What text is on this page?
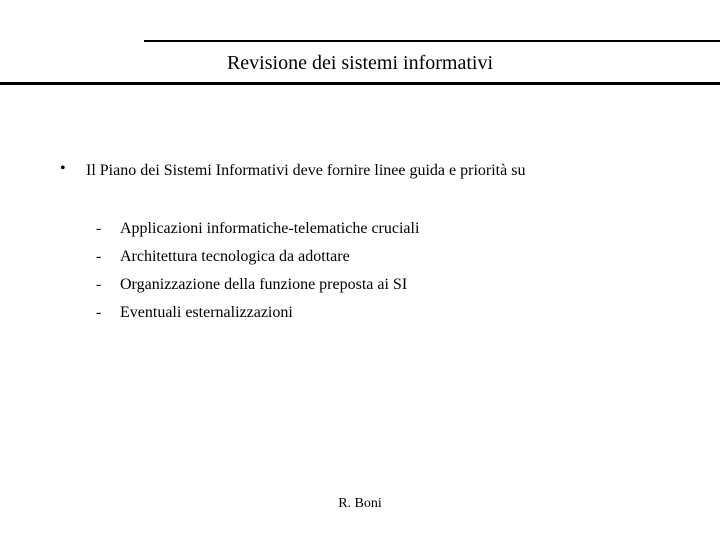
Revisione dei sistemi informativi
• Il Piano dei Sistemi Informativi deve fornire linee guida e priorità su
- Applicazioni informatiche-telematiche cruciali
- Architettura tecnologica da adottare
- Organizzazione della funzione preposta ai SI
- Eventuali esternalizzazioni
R. Boni
